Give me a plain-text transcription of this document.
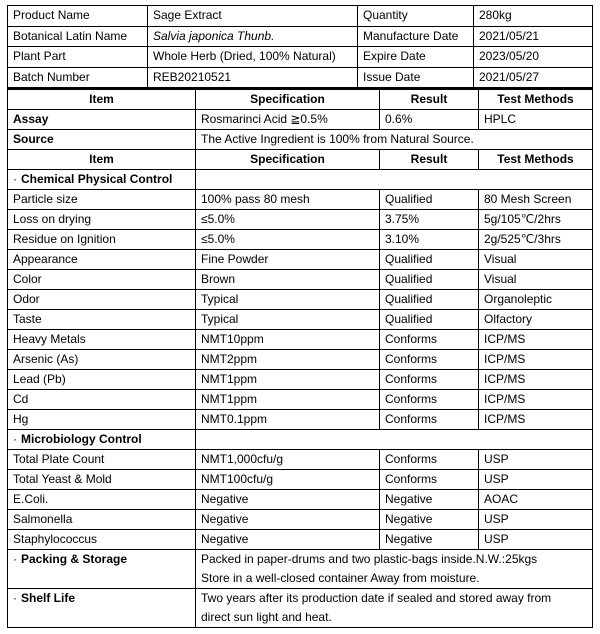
Product Name	Sage Extract	Quantity	280kg
Botanical Latin Name	Salvia japonica Thunb.	Manufacture Date	2021/05/21
Plant Part	Whole Herb (Dried, 100% Natural)	Expire Date	2023/05/20
Batch Number	REB20210521	Issue Date	2021/05/27
Item	Specification	Result	Test Methods
Assay	Rosmarinci Acid ≧0.5%	0.6%	HPLC
Source	The Active Ingredient is 100% from Natural Source.		
Item	Specification	Result	Test Methods
· Chemical Physical Control			
Particle size	100% pass 80 mesh	Qualified	80 Mesh Screen
Loss on drying	≤5.0%	3.75%	5g/105℃/2hrs
Residue on Ignition	≤5.0%	3.10%	2g/525℃/3hrs
Appearance	Fine Powder	Qualified	Visual
Color	Brown	Qualified	Visual
Odor	Typical	Qualified	Organoleptic
Taste	Typical	Qualified	Olfactory
Heavy Metals	NMT10ppm	Conforms	ICP/MS
Arsenic (As)	NMT2ppm	Conforms	ICP/MS
Lead (Pb)	NMT1ppm	Conforms	ICP/MS
Cd	NMT1ppm	Conforms	ICP/MS
Hg	NMT0.1ppm	Conforms	ICP/MS
· Microbiology Control			
Total Plate Count	NMT1,000cfu/g	Conforms	USP
Total Yeast & Mold	NMT100cfu/g	Conforms	USP
E.Coli.	Negative	Negative	AOAC
Salmonella	Negative	Negative	USP
Staphylococcus	Negative	Negative	USP
· Packing & Storage	Packed in paper-drums and two plastic-bags inside.N.W.:25kgs
Store in a well-closed container Away from moisture.		

· Shelf Life	Two years after its production date if sealed and stored away from
direct sun light and heat.		
